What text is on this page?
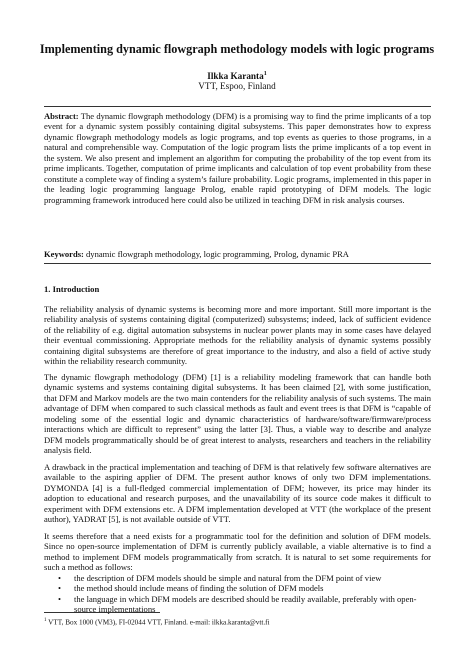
Implementing dynamic flowgraph methodology models with logic programs
Ilkka Karanta$^1$
VTT, Espoo, Finland
Abstract: The dynamic flowgraph methodology (DFM) is a promising way to find the prime implicants of a top event for a dynamic system possibly containing digital subsystems. This paper demonstrates how to express dynamic flowgraph methodology models as logic programs, and top events as queries to those programs, in a natural and comprehensible way. Computation of the logic program lists the prime implicants of a top event in the system. We also present and implement an algorithm for computing the probability of the top event from its prime implicants. Together, computation of prime implicants and calculation of top event probability from these constitute a complete way of finding a system’s failure probability. Logic programs, implemented in this paper in the leading logic programming language Prolog, enable rapid prototyping of DFM models. The logic programming framework introduced here could also be utilized in teaching DFM in risk analysis courses.
Keywords: dynamic flowgraph methodology, logic programming, Prolog, dynamic PRA
1. Introduction
The reliability analysis of dynamic systems is becoming more and more important. Still more important is the reliability analysis of systems containing digital (computerized) subsystems; indeed, lack of sufficient evidence of the reliability of e.g. digital automation subsystems in nuclear power plants may in some cases have delayed their eventual commissioning. Appropriate methods for the reliability analysis of dynamic systems possibly containing digital subsystems are therefore of great importance to the industry, and also a field of active study within the reliability research community.
The dynamic flowgraph methodology (DFM) [1] is a reliability modeling framework that can handle both dynamic systems and systems containing digital subsystems. It has been claimed [2], with some justification, that DFM and Markov models are the two main contenders for the reliability analysis of such systems. The main advantage of DFM when compared to such classical methods as fault and event trees is that DFM is “capable of modeling some of the essential logic and dynamic characteristics of hardware/software/firmware/process interactions which are difficult to represent” using the latter [3]. Thus, a viable way to describe and analyze DFM models programmatically should be of great interest to analysts, researchers and teachers in the reliability analysis field.
A drawback in the practical implementation and teaching of DFM is that relatively few software alternatives are available to the aspiring applier of DFM. The present author knows of only two DFM implementations. DYMONDA [4] is a full-fledged commercial implementation of DFM; however, its price may hinder its adoption to educational and research purposes, and the unavailability of its source code makes it difficult to experiment with DFM extensions etc. A DFM implementation developed at VTT (the workplace of the present author), YADRAT [5], is not available outside of VTT.
It seems therefore that a need exists for a programmatic tool for the definition and solution of DFM models. Since no open-source implementation of DFM is currently publicly available, a viable alternative is to find a method to implement DFM models programmatically from scratch. It is natural to set some requirements for such a method as follows:
• the description of DFM models should be simple and natural from the DFM point of view
• the method should include means of finding the solution of DFM models
• the language in which DFM models are described should be readily available, preferably with open-source implementations
$^1$ VTT, Box 1000 (VM3), FI-02044 VTT, Finland. e-mail: ilkka.karanta@vtt.fi
